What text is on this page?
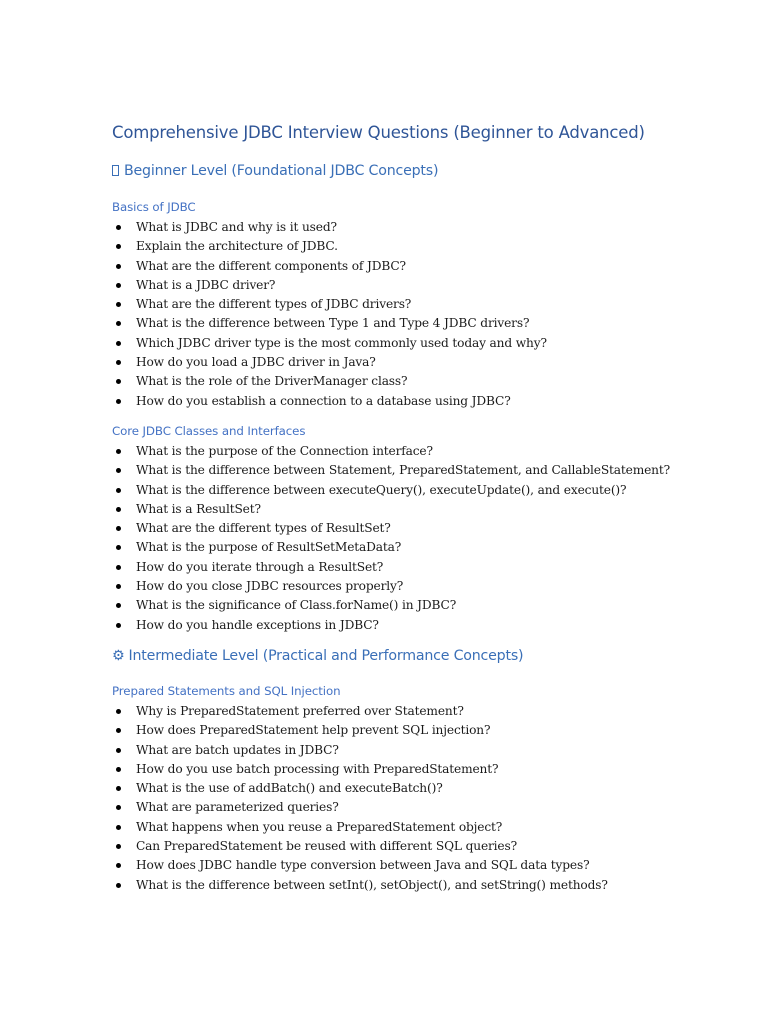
Comprehensive JDBC Interview Questions (Beginner to Advanced)
Beginner Level (Foundational JDBC Concepts)
Basics of JDBC
What is JDBC and why is it used?
Explain the architecture of JDBC.
What are the different components of JDBC?
What is a JDBC driver?
What are the different types of JDBC drivers?
What is the difference between Type 1 and Type 4 JDBC drivers?
Which JDBC driver type is the most commonly used today and why?
How do you load a JDBC driver in Java?
What is the role of the DriverManager class?
How do you establish a connection to a database using JDBC?
Core JDBC Classes and Interfaces
What is the purpose of the Connection interface?
What is the difference between Statement, PreparedStatement, and CallableStatement?
What is the difference between executeQuery(), executeUpdate(), and execute()?
What is a ResultSet?
What are the different types of ResultSet?
What is the purpose of ResultSetMetaData?
How do you iterate through a ResultSet?
How do you close JDBC resources properly?
What is the significance of Class.forName() in JDBC?
How do you handle exceptions in JDBC?
⚙ Intermediate Level (Practical and Performance Concepts)
Prepared Statements and SQL Injection
Why is PreparedStatement preferred over Statement?
How does PreparedStatement help prevent SQL injection?
What are batch updates in JDBC?
How do you use batch processing with PreparedStatement?
What is the use of addBatch() and executeBatch()?
What are parameterized queries?
What happens when you reuse a PreparedStatement object?
Can PreparedStatement be reused with different SQL queries?
How does JDBC handle type conversion between Java and SQL data types?
What is the difference between setInt(), setObject(), and setString() methods?
